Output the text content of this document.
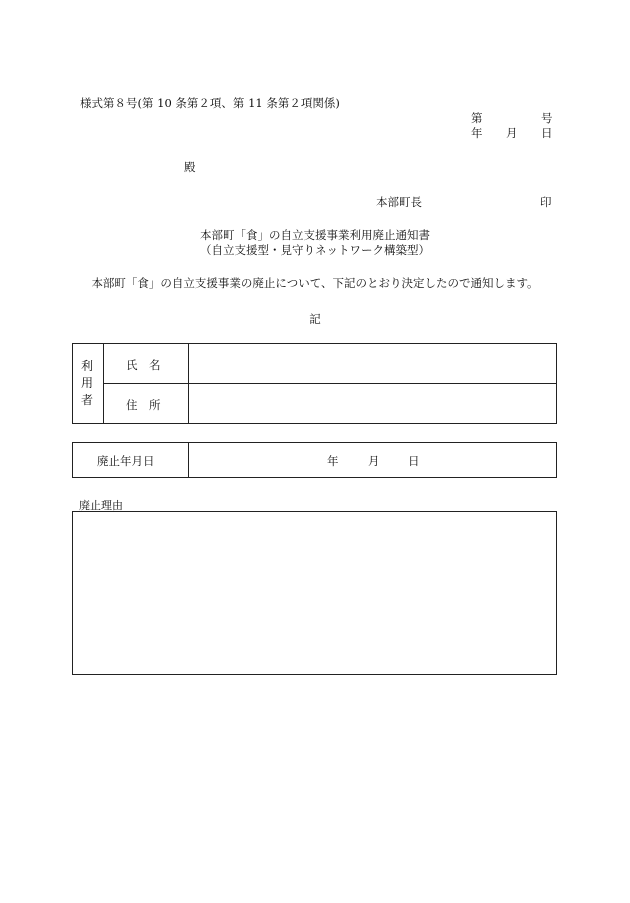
様式第８号(第 10 条第２項、第 11 条第２項関係)
第	号
年 月 日
殿
本部町長	印
本部町「食」の自立支援事業利用廃止通知書
（自立支援型・見守りネットワーク構築型）
本部町「食」の自立支援事業の廃止について、下記のとおり決定したので通知します。
記
利
用
者
氏　名
住　所
廃止年月日	年	月 日
廃止理由
